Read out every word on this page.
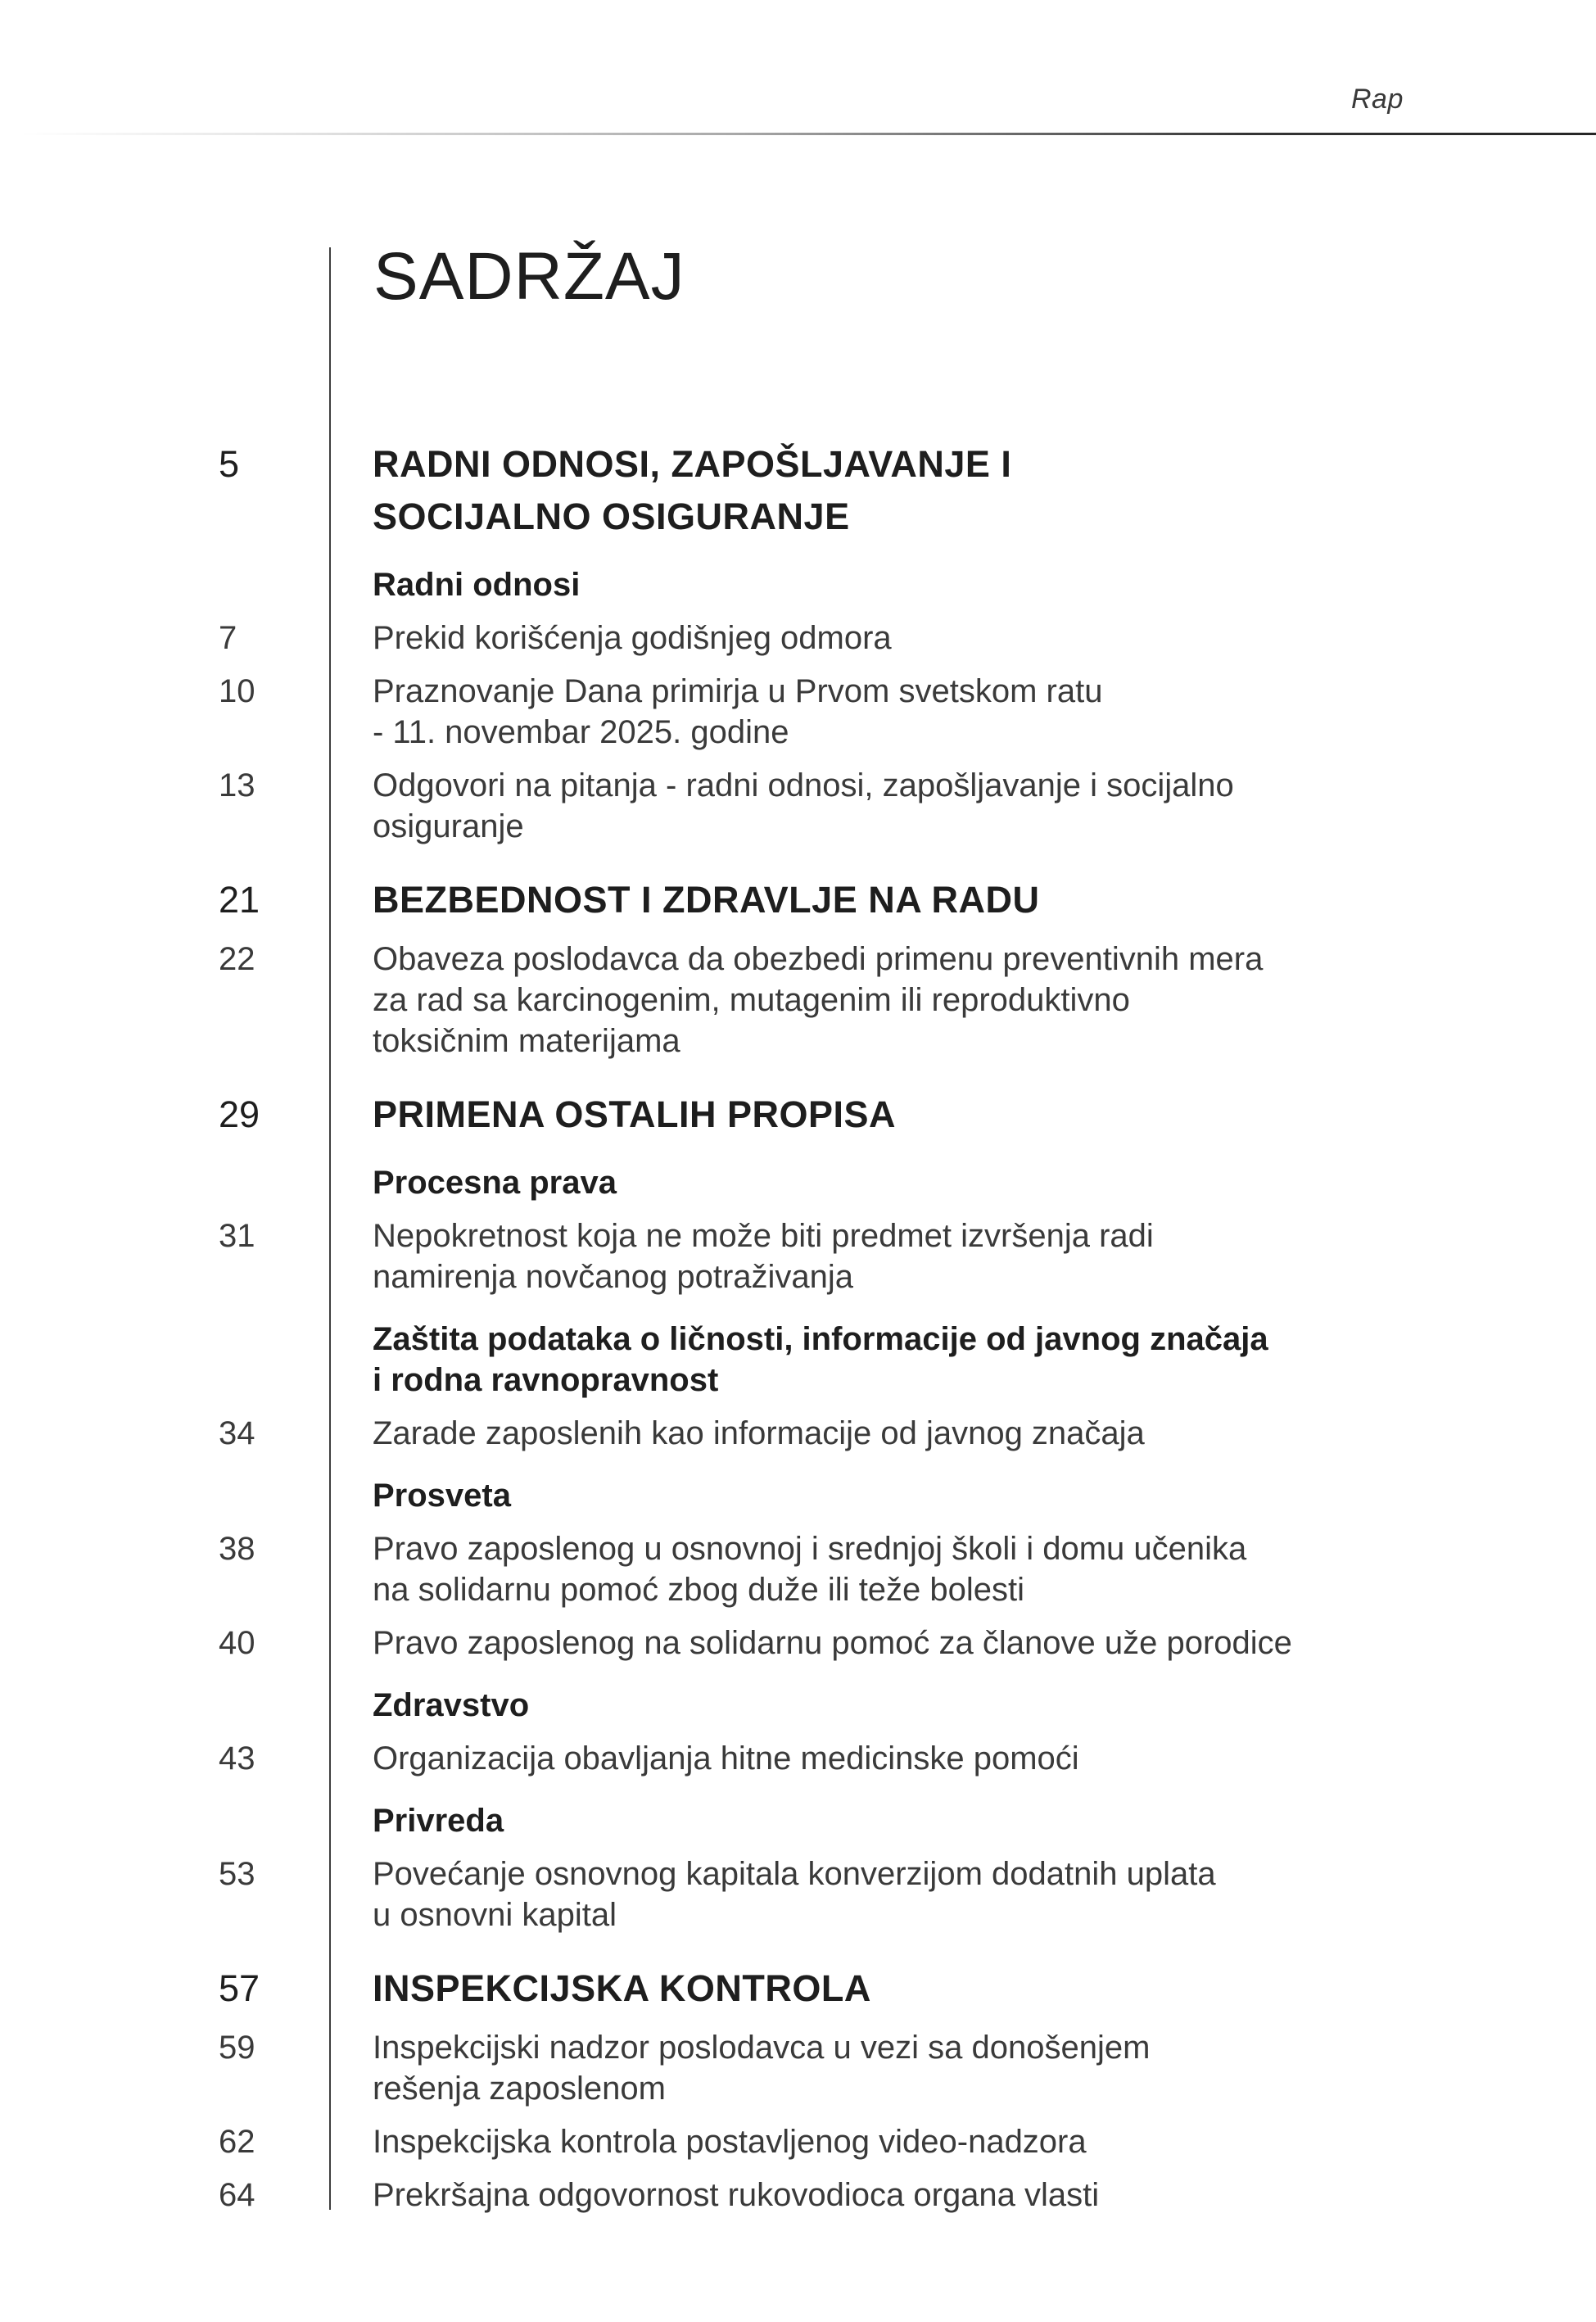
Rap
SADRŽAJ
5	RADNI ODNOSI, ZAPOŠLJAVANJE I
SOCIJALNO OSIGURANJE
Radni odnosi
7	Prekid korišćenja godišnjeg odmora
10	Praznovanje Dana primirja u Prvom svetskom ratu
- 11. novembar 2025. godine
13	Odgovori na pitanja - radni odnosi, zapošljavanje i socijalno
osiguranje
21	BEZBEDNOST I ZDRAVLJE NA RADU
22	Obaveza poslodavca da obezbedi primenu preventivnih mera
za rad sa karcinogenim, mutagenim ili reproduktivno
toksičnim materijama
29	PRIMENA OSTALIH PROPISA
Procesna prava
31	Nepokretnost koja ne može biti predmet izvršenja radi
namirenja novčanog potraživanja
Zaštita podataka o ličnosti, informacije od javnog značaja
i rodna ravnopravnost
34	Zarade zaposlenih kao informacije od javnog značaja
Prosveta
38	Pravo zaposlenog u osnovnoj i srednjoj školi i domu učenika
na solidarnu pomoć zbog duže ili teže bolesti
40	Pravo zaposlenog na solidarnu pomoć za članove uže porodice
Zdravstvo
43	Organizacija obavljanja hitne medicinske pomoći
Privreda
53	Povećanje osnovnog kapitala konverzijom dodatnih uplata
u osnovni kapital
57	INSPEKCIJSKA KONTROLA
59	Inspekcijski nadzor poslodavca u vezi sa donošenjem
rešenja zaposlenom
62	Inspekcijska kontrola postavljenog video-nadzora
64	Prekršajna odgovornost rukovodioca organa vlasti
